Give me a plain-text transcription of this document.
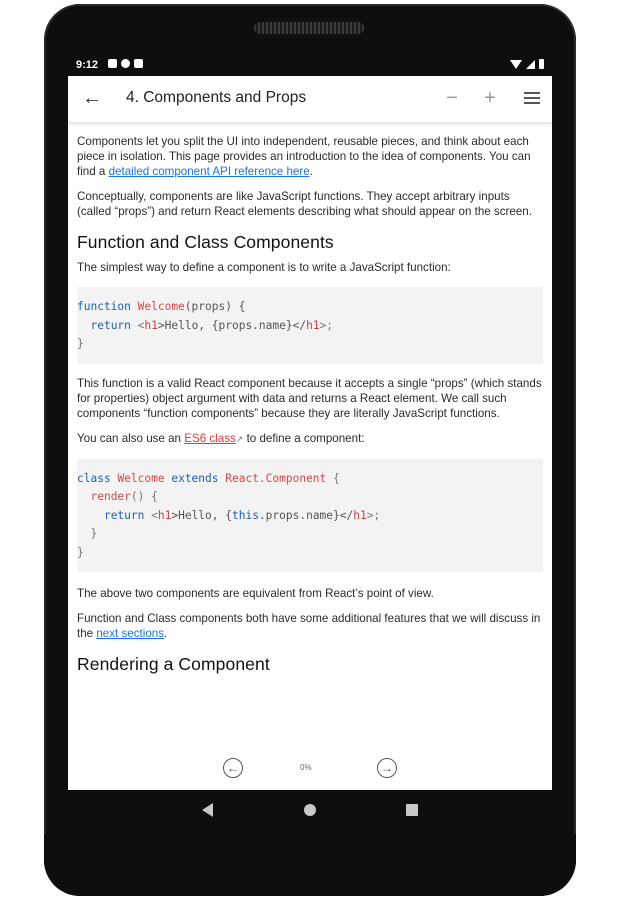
9:12
← 4. Components and Props	−	+

Components let you split the UI into independent, reusable pieces, and think about each piece in isolation. This page provides an introduction to the idea of components. You can find a detailed component API reference here.

Conceptually, components are like JavaScript functions. They accept arbitrary inputs (called “props”) and return React elements describing what should appear on the screen.

Function and Class Components

The simplest way to define a component is to write a JavaScript function:

function Welcome(props) {
return <h1>Hello, {props.name}</h1>;
}

This function is a valid React component because it accepts a single “props” (which stands for properties) object argument with data and returns a React element. We call such components “function components” because they are literally JavaScript functions.

You can also use an ES6 class↗ to define a component:

class Welcome extends React.Component {
render() {
return <h1>Hello, {this.props.name}</h1>;
}
}

The above two components are equivalent from React’s point of view.

Function and Class components both have some additional features that we will discuss in the next sections.

Rendering a Component
←	0%	→
